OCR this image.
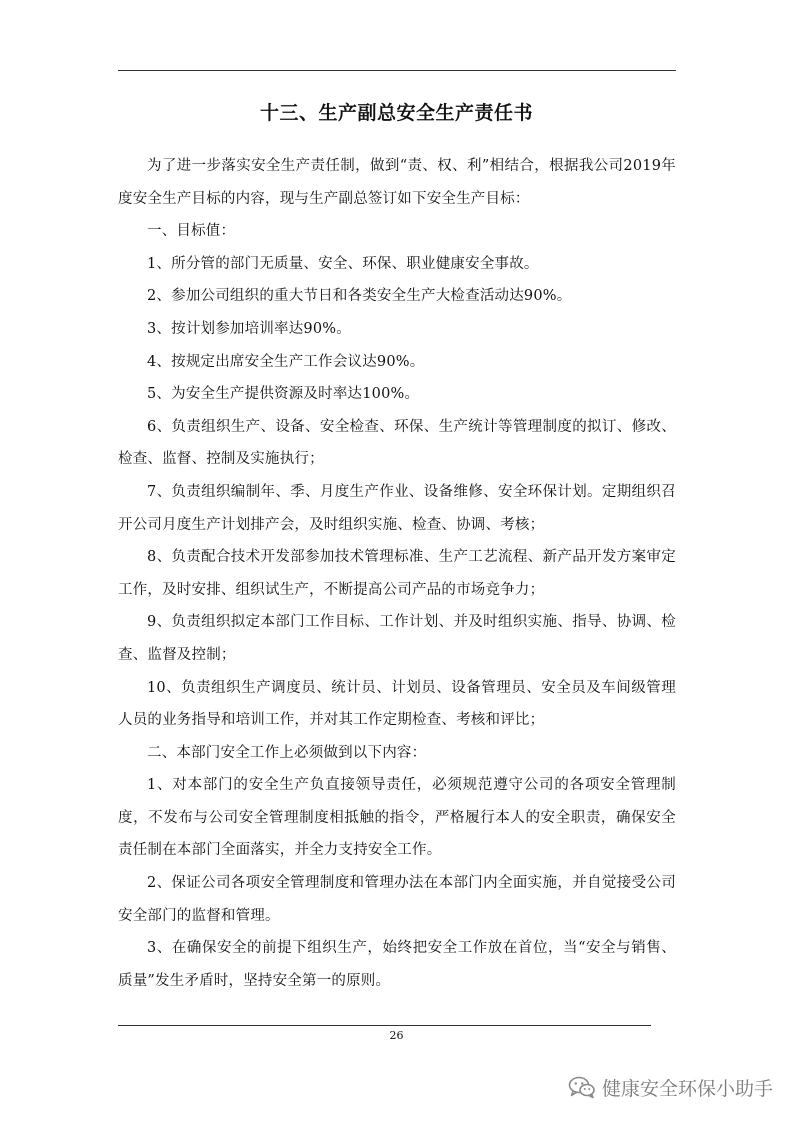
十三、生产副总安全生产责任书

为了进一步落实安全生产责任制，做到“责、权、利”相结合，根据我公司2019年度安全生产目标的内容，现与生产副总签订如下安全生产目标：

一、目标值：

1、所分管的部门无质量、安全、环保、职业健康安全事故。

2、参加公司组织的重大节日和各类安全生产大检查活动达90%。

3、按计划参加培训率达90%。

4、按规定出席安全生产工作会议达90%。

5、为安全生产提供资源及时率达100%。

6、负责组织生产、设备、安全检查、环保、生产统计等管理制度的拟订、修改、检查、监督、控制及实施执行；

7、负责组织编制年、季、月度生产作业、设备维修、安全环保计划。定期组织召开公司月度生产计划排产会，及时组织实施、检查、协调、考核；

8、负责配合技术开发部参加技术管理标准、生产工艺流程、新产品开发方案审定工作，及时安排、组织试生产，不断提高公司产品的市场竞争力；

9、负责组织拟定本部门工作目标、工作计划、并及时组织实施、指导、协调、检查、监督及控制；

10、负责组织生产调度员、统计员、计划员、设备管理员、安全员及车间级管理人员的业务指导和培训工作，并对其工作定期检查、考核和评比；

二、本部门安全工作上必须做到以下内容：

1、对本部门的安全生产负直接领导责任，必须规范遵守公司的各项安全管理制度，不发布与公司安全管理制度相抵触的指令，严格履行本人的安全职责，确保安全责任制在本部门全面落实，并全力支持安全工作。

2、保证公司各项安全管理制度和管理办法在本部门内全面实施，并自觉接受公司安全部门的监督和管理。

3、在确保安全的前提下组织生产，始终把安全工作放在首位，当“安全与销售、质量”发生矛盾时，坚持安全第一的原则。

26
健康安全环保小助手
